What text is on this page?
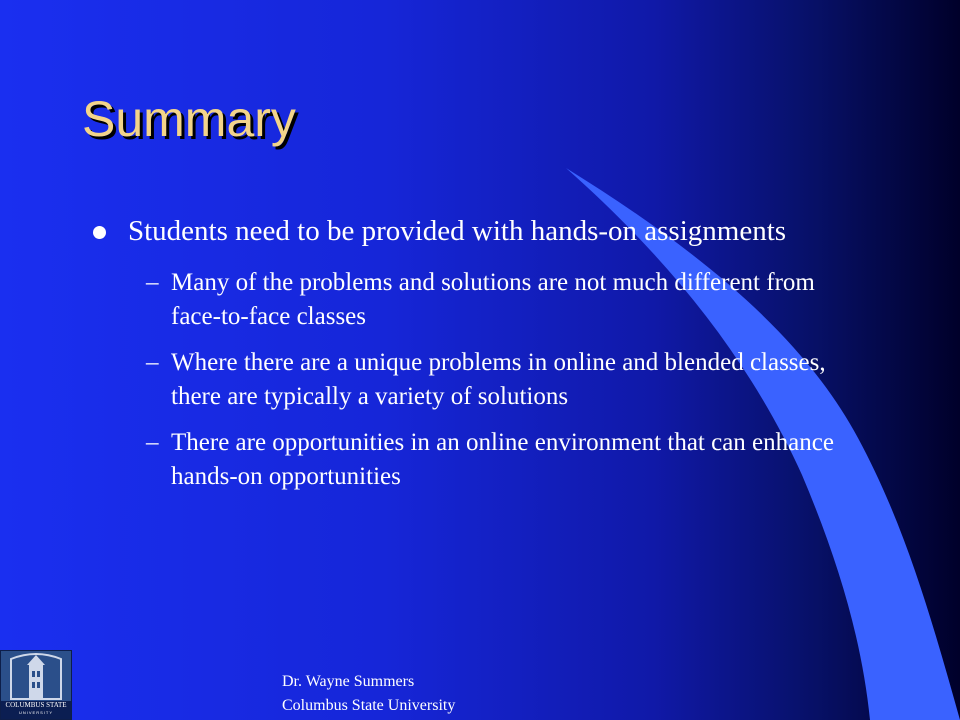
Summary
Students need to be provided with hands-on assignments
– Many of the problems and solutions are not much different from face-to-face classes
– Where there are a unique problems in online and blended classes, there are typically a variety of solutions
– There are opportunities in an online environment that can enhance hands-on opportunities
COLUMBUS STATE
UNIVERSITY
Dr. Wayne Summers
Columbus State University
